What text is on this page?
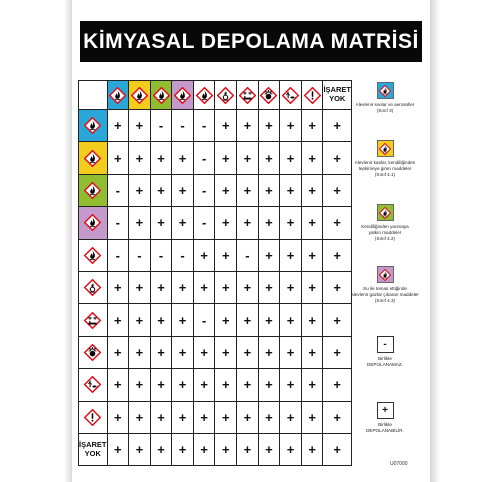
KİMYASAL DEPOLAMA MATRİSİ

İŞARET
YOK

	+	+	-	-	-	+	+	+	+	+	+

	+	+	+	+	-	+	+	+	+	+	+

	-	+	+	+	-	+	+	+	+	+	+

	-	+	+	+	-	+	+	+	+	+	+

	-	-	-	-	+	+	-	+	+	+	+

	+	+	+	+	+	+	+	+	+	+	+

	+	+	+	+	-	+	+	+	+	+	+

	+	+	+	+	+	+	+	+	+	+	+

	+	+	+	+	+	+	+	+	+	+	+

	+	+	+	+	+	+	+	+	+	+	+

İŞARET
YOK	+	+	+	+	+	+	+	+	+	+	+
Alevlenir sıvılar ve aerosoller
(Sınıf 3)
Alevlenir katılar, kendiliğinden
tepkimeye giren maddeler
(Sınıf 4.1)
Kendiliğinden yanmaya
yatkın maddeler
(Sınıf 4.2)
Su ile temas ettiğinde
alevlenir gazlar çıkaran maddeler
(Sınıf 4.3)
-
Birlikte
DEPOLANAMAZ.
+
Birlikte
DEPOLANABİLİR.
U07000
